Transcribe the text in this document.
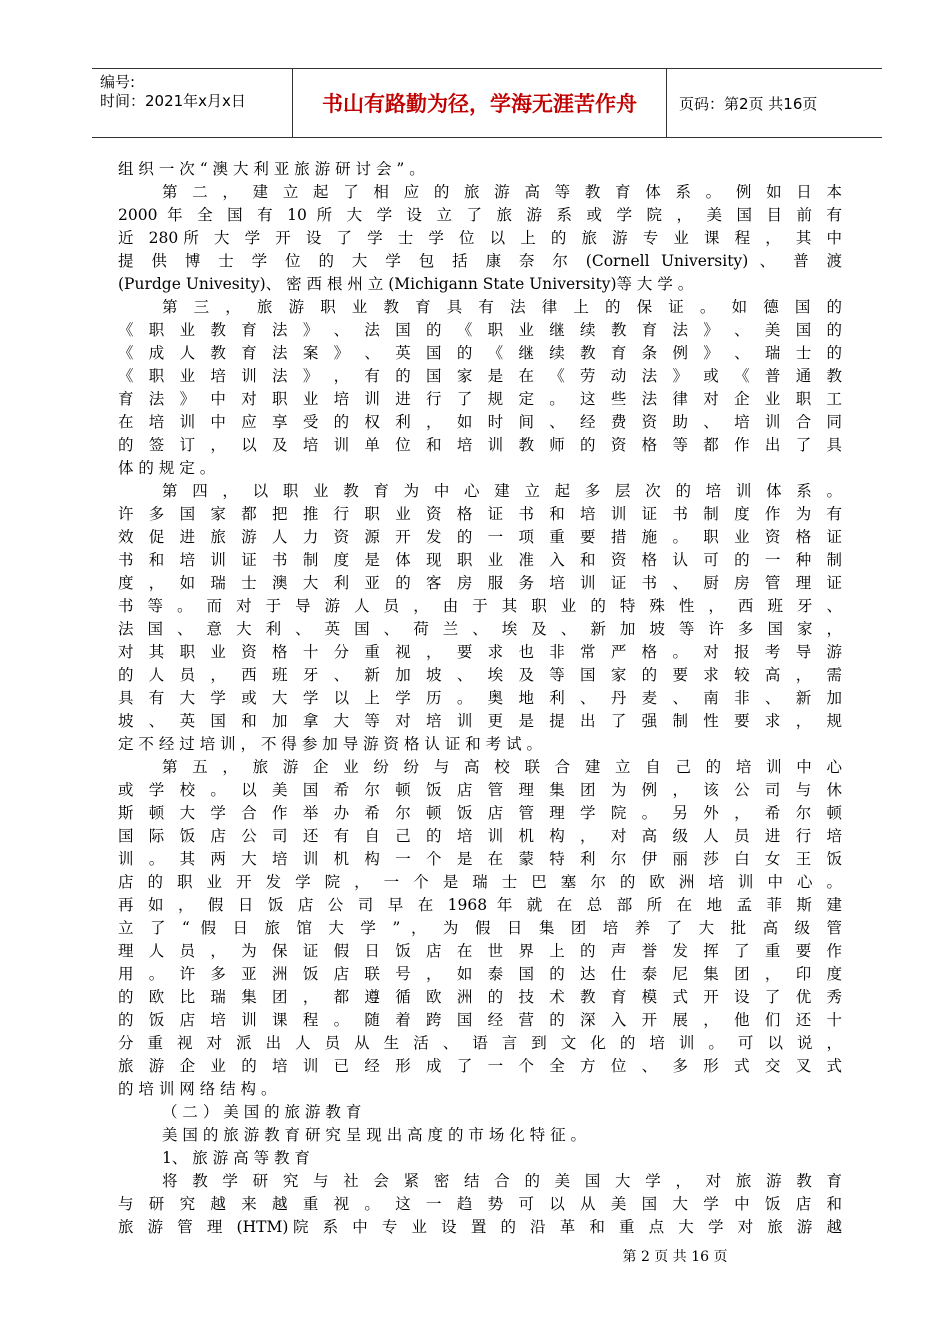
编号:
时间：2021年x月x日	书山有路勤为径，学海无涯苦作舟	页码：第2页 共16页
组 织 一 次 “ 澳 大 利 亚 旅 游 研 讨 会 ” 。
第 二 ， 建 立 起 了 相 应 的 旅 游 高 等 教 育 体 系 。 例 如 日 本
2000 年 全 国 有 10 所 大 学 设 立 了 旅 游 系 或 学 院 ， 美 国 目 前 有
近 280所 大 学 开 设 了 学 士 学 位 以 上 的 旅 游 专 业 课 程 ， 其 中
提 供 博 士 学 位 的 大 学 包 括 康 奈 尔 (Cornell University) 、 普 渡
(Purdge Univesity)、 密 西 根 州 立 (Michigann State University)等 大 学 。
第 三 ， 旅 游 职 业 教 育 具 有 法 律 上 的 保 证 。 如 德 国 的
《 职 业 教 育 法 》 、 法 国 的 《 职 业 继 续 教 育 法 》 、 美 国 的
《 成 人 教 育 法 案 》 、 英 国 的 《 继 续 教 育 条 例 》 、 瑞 士 的
《 职 业 培 训 法 》 ， 有 的 国 家 是 在 《 劳 动 法 》 或 《 普 通 教
育 法 》 中 对 职 业 培 训 进 行 了 规 定 。 这 些 法 律 对 企 业 职 工
在 培 训 中 应 享 受 的 权 利 ， 如 时 间 、 经 费 资 助 、 培 训 合 同
的 签 订 ， 以 及 培 训 单 位 和 培 训 教 师 的 资 格 等 都 作 出 了 具
体 的 规 定 。
第 四 ， 以 职 业 教 育 为 中 心 建 立 起 多 层 次 的 培 训 体 系 。
许 多 国 家 都 把 推 行 职 业 资 格 证 书 和 培 训 证 书 制 度 作 为 有
效 促 进 旅 游 人 力 资 源 开 发 的 一 项 重 要 措 施 。 职 业 资 格 证
书 和 培 训 证 书 制 度 是 体 现 职 业 准 入 和 资 格 认 可 的 一 种 制
度 ， 如 瑞 士 澳 大 利 亚 的 客 房 服 务 培 训 证 书 、 厨 房 管 理 证
书 等 。 而 对 于 导 游 人 员 ， 由 于 其 职 业 的 特 殊 性 ， 西 班 牙 、
法 国 、 意 大 利 、 英 国 、 荷 兰 、 埃 及 、 新 加 坡 等 许 多 国 家 ，
对 其 职 业 资 格 十 分 重 视 ， 要 求 也 非 常 严 格 。 对 报 考 导 游
的 人 员 ， 西 班 牙 、 新 加 坡 、 埃 及 等 国 家 的 要 求 较 高 ， 需
具 有 大 学 或 大 学 以 上 学 历 。 奥 地 利 、 丹 麦 、 南 非 、 新 加
坡 、 英 国 和 加 拿 大 等 对 培 训 更 是 提 出 了 强 制 性 要 求 ， 规
定 不 经 过 培 训 ， 不 得 参 加 导 游 资 格 认 证 和 考 试 。
第 五 ， 旅 游 企 业 纷 纷 与 高 校 联 合 建 立 自 己 的 培 训 中 心
或 学 校 。 以 美 国 希 尔 顿 饭 店 管 理 集 团 为 例 ， 该 公 司 与 休
斯 顿 大 学 合 作 举 办 希 尔 顿 饭 店 管 理 学 院 。 另 外 ， 希 尔 顿
国 际 饭 店 公 司 还 有 自 己 的 培 训 机 构 ， 对 高 级 人 员 进 行 培
训 。 其 两 大 培 训 机 构 一 个 是 在 蒙 特 利 尔 伊 丽 莎 白 女 王 饭
店 的 职 业 开 发 学 院 ， 一 个 是 瑞 士 巴 塞 尔 的 欧 洲 培 训 中 心 。
再 如 ， 假 日 饭 店 公 司 早 在 1968 年 就 在 总 部 所 在 地 孟 菲 斯 建
立 了 “ 假 日 旅 馆 大 学 ” ， 为 假 日 集 团 培 养 了 大 批 高 级 管
理 人 员 ， 为 保 证 假 日 饭 店 在 世 界 上 的 声 誉 发 挥 了 重 要 作
用 。 许 多 亚 洲 饭 店 联 号 ， 如 泰 国 的 达 仕 泰 尼 集 团 ， 印 度
的 欧 比 瑞 集 团 ， 都 遵 循 欧 洲 的 技 术 教 育 模 式 开 设 了 优 秀
的 饭 店 培 训 课 程 。 随 着 跨 国 经 营 的 深 入 开 展 ， 他 们 还 十
分 重 视 对 派 出 人 员 从 生 活 、 语 言 到 文 化 的 培 训 。 可 以 说 ，
旅 游 企 业 的 培 训 已 经 形 成 了 一 个 全 方 位 、 多 形 式 交 叉 式
的 培 训 网 络 结 构 。
（ 二 ） 美 国 的 旅 游 教 育
美 国 的 旅 游 教 育 研 究 呈 现 出 高 度 的 市 场 化 特 征 。
1、 旅 游 高 等 教 育
将 教 学 研 究 与 社 会 紧 密 结 合 的 美 国 大 学 ， 对 旅 游 教 育
与 研 究 越 来 越 重 视 。 这 一 趋 势 可 以 从 美 国 大 学 中 饭 店 和
旅 游 管 理 (HTM)院 系 中 专 业 设 置 的 沿 革 和 重 点 大 学 对 旅 游 越
第 2 页 共 16 页
